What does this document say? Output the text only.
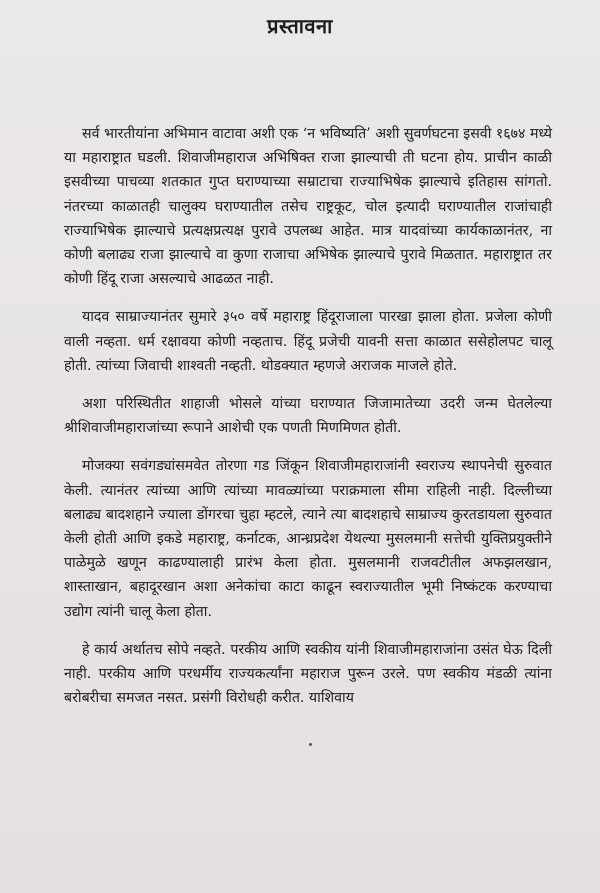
प्रस्तावना

सर्व भारतीयांना अभिमान वाटावा अशी एक ‘न भविष्यति’ अशी सुवर्णघटना इसवी १६७४ मध्ये या महाराष्ट्रात घडली. शिवाजीमहाराज अभिषिक्त राजा झाल्याची ती घटना होय. प्राचीन काळी इसवीच्या पाचव्या शतकात गुप्त घराण्याच्या सम्राटाचा राज्याभिषेक झाल्याचे इतिहास सांगतो. नंतरच्या काळातही चालुक्य घराण्यातील तसेच राष्ट्रकूट, चोल इत्यादी घराण्यातील राजांचाही राज्याभिषेक झाल्याचे प्रत्यक्षप्रत्यक्ष पुरावे उपलब्ध आहेत. मात्र यादवांच्या कार्यकाळानंतर, ना कोणी बलाढ्य राजा झाल्याचे वा कुणा राजाचा अभिषेक झाल्याचे पुरावे मिळतात. महाराष्ट्रात तर कोणी हिंदू राजा असल्याचे आढळत नाही.

यादव साम्राज्यानंतर सुमारे ३५० वर्षे महाराष्ट्र हिंदूराजाला पारखा झाला होता. प्रजेला कोणी वाली नव्हता. धर्म रक्षावया कोणी नव्हताच. हिंदू प्रजेची यावनी सत्ता काळात ससेहोलपट चालू होती. त्यांच्या जिवाची शाश्वती नव्हती. थोडक्यात म्हणजे अराजक माजले होते.

अशा परिस्थितीत शाहाजी भोसले यांच्या घराण्यात जिजामातेच्या उदरी जन्म घेतलेल्या श्रीशिवाजीमहाराजांच्या रूपाने आशेची एक पणती मिणमिणत होती.

मोजक्या सवंगड्यांसमवेत तोरणा गड जिंकून शिवाजीमहाराजांनी स्वराज्य स्थापनेची सुरुवात केली. त्यानंतर त्यांच्या आणि त्यांच्या मावळ्यांच्या पराक्रमाला सीमा राहिली नाही. दिल्लीच्या बलाढ्य बादशहाने ज्याला डोंगरचा चुहा म्हटले, त्याने त्या बादशहाचे साम्राज्य कुरतडायला सुरुवात केली होती आणि इकडे महाराष्ट्र, कर्नाटक, आन्ध्रप्रदेश येथल्या मुसलमानी सत्तेची युक्तिप्रयुक्तीने पाळेमुळे खणून काढण्यालाही प्रारंभ केला होता. मुसलमानी राजवटीतील अफझलखान, शास्ताखान, बहादूरखान अशा अनेकांचा काटा काढून स्वराज्यातील भूमी निष्कंटक करण्याचा उद्योग त्यांनी चालू केला होता.

हे कार्य अर्थातच सोपे नव्हते. परकीय आणि स्वकीय यांनी शिवाजीमहाराजांना उसंत घेऊ दिली नाही. परकीय आणि परधर्मीय राज्यकर्त्यांना महाराज पुरून उरले. पण स्वकीय मंडळी त्यांना बरोबरीचा समजत नसत. प्रसंगी विरोधही करीत. याशिवाय
